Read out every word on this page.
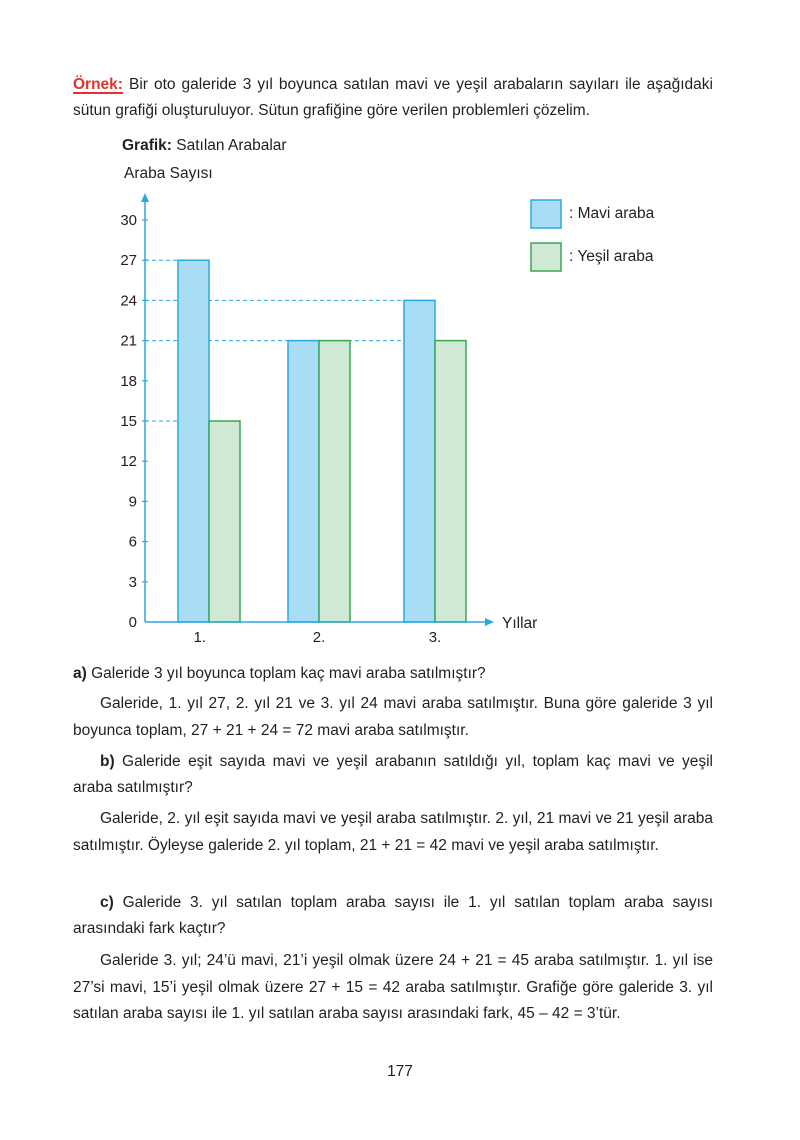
Örnek: Bir oto galeride 3 yıl boyunca satılan mavi ve yeşil arabaların sayıları ile aşağıdaki sütun grafiği oluşturuluyor. Sütun grafiğine göre verilen problemleri çözelim.
Grafik: Satılan Arabalar
Araba Sayısı
0
3
6
9
12
15
18
21
24
27
30
1.	2.	3.
Yıllar
: Mavi araba
: Yeşil araba
a) Galeride 3 yıl boyunca toplam kaç mavi araba satılmıştır?
Galeride, 1. yıl 27, 2. yıl 21 ve 3. yıl 24 mavi araba satılmıştır. Buna göre galeride 3 yıl boyunca toplam, 27 + 21 + 24 = 72 mavi araba satılmıştır.
b) Galeride eşit sayıda mavi ve yeşil arabanın satıldığı yıl, toplam kaç mavi ve yeşil araba satılmıştır?
Galeride, 2. yıl eşit sayıda mavi ve yeşil araba satılmıştır. 2. yıl, 21 mavi ve 21 yeşil araba satılmıştır. Öyleyse galeride 2. yıl toplam, 21 + 21 = 42 mavi ve yeşil araba satılmıştır.
c) Galeride 3. yıl satılan toplam araba sayısı ile 1. yıl satılan toplam araba sayısı arasındaki fark kaçtır?
Galeride 3. yıl; 24’ü mavi, 21’i yeşil olmak üzere 24 + 21 = 45 araba satılmıştır. 1. yıl ise 27’si mavi, 15’i yeşil olmak üzere 27 + 15 = 42 araba satılmıştır. Grafiğe göre galeride 3. yıl satılan araba sayısı ile 1. yıl satılan araba sayısı arasındaki fark, 45 – 42 = 3’tür.
177
